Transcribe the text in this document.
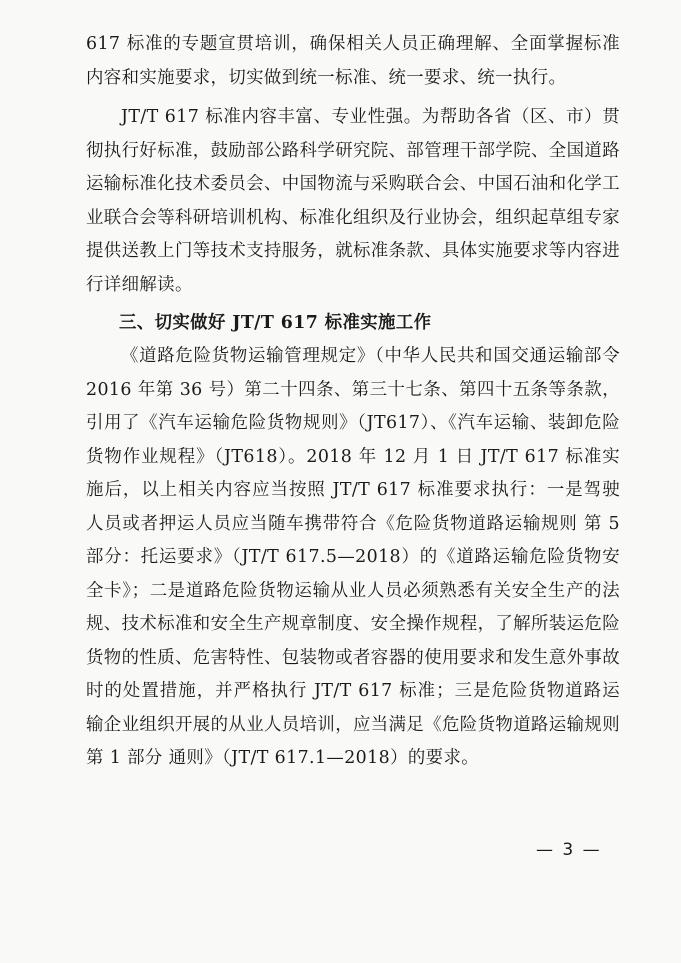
617 标准的专题宣贯培训，确保相关人员正确理解、全面掌握标准内容和实施要求，切实做到统一标准、统一要求、统一执行。

JT/T 617 标准内容丰富、专业性强。为帮助各省（区、市）贯彻执行好标准，鼓励部公路科学研究院、部管理干部学院、全国道路运输标准化技术委员会、中国物流与采购联合会、中国石油和化学工业联合会等科研培训机构、标准化组织及行业协会，组织起草组专家提供送教上门等技术支持服务，就标准条款、具体实施要求等内容进行详细解读。

三、切实做好 JT/T 617 标准实施工作

《道路危险货物运输管理规定》（中华人民共和国交通运输部令 2016 年第 36 号）第二十四条、第三十七条、第四十五条等条款，引用了《汽车运输危险货物规则》（JT617）、《汽车运输、装卸危险货物作业规程》（JT618）。2018 年 12 月 1 日 JT/T 617 标准实施后，以上相关内容应当按照 JT/T 617 标准要求执行：一是驾驶人员或者押运人员应当随车携带符合《危险货物道路运输规则 第 5 部分：托运要求》（JT/T 617.5—2018）的《道路运输危险货物安全卡》；二是道路危险货物运输从业人员必须熟悉有关安全生产的法规、技术标准和安全生产规章制度、安全操作规程，了解所装运危险货物的性质、危害特性、包装物或者容器的使用要求和发生意外事故时的处置措施，并严格执行 JT/T 617 标准；三是危险货物道路运输企业组织开展的从业人员培训，应当满足《危险货物道路运输规则 第 1 部分 通则》（JT/T 617.1—2018）的要求。

— 3 —
